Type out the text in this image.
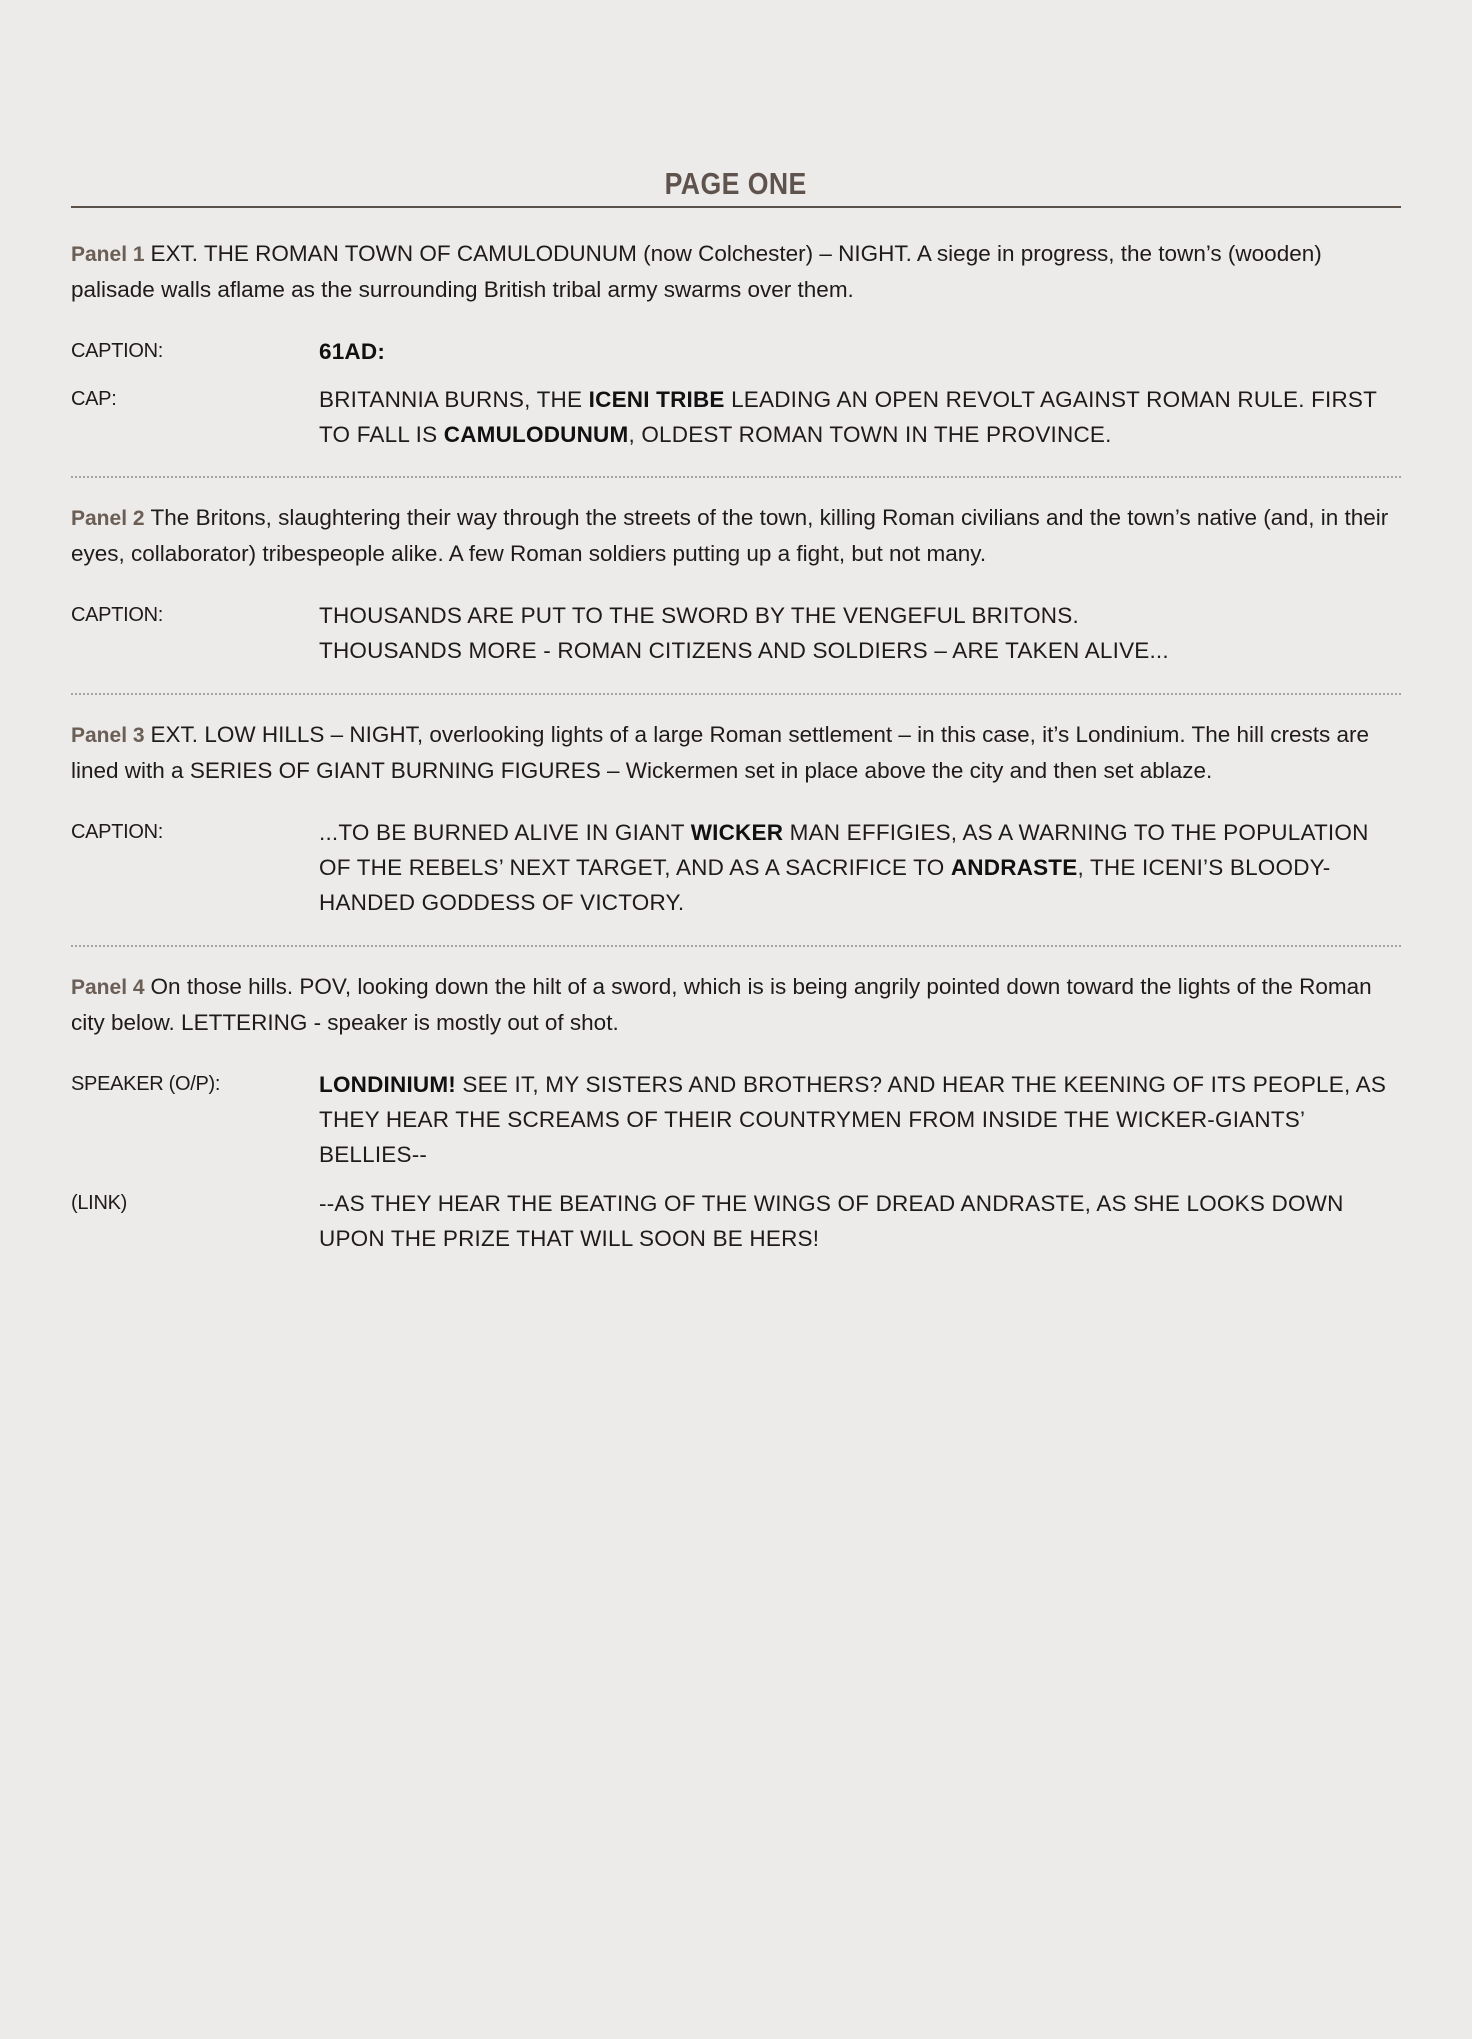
PAGE ONE

Panel 1 EXT. THE ROMAN TOWN OF CAMULODUNUM (now Colchester) – NIGHT. A siege in progress, the town’s (wooden) palisade walls aflame as the surrounding British tribal army swarms over them.

CAPTION:	61AD:
CAP:	BRITANNIA BURNS, THE ICENI TRIBE LEADING AN OPEN REVOLT AGAINST ROMAN RULE. FIRST TO FALL IS CAMULODUNUM, OLDEST ROMAN TOWN IN THE PROVINCE.

Panel 2 The Britons, slaughtering their way through the streets of the town, killing Roman civilians and the town’s native (and, in their eyes, collaborator) tribespeople alike. A few Roman soldiers putting up a fight, but not many.

CAPTION:	THOUSANDS ARE PUT TO THE SWORD BY THE VENGEFUL BRITONS.
THOUSANDS MORE - ROMAN CITIZENS AND SOLDIERS – ARE TAKEN ALIVE...

Panel 3 EXT. LOW HILLS – NIGHT, overlooking lights of a large Roman settlement – in this case, it’s Londinium. The hill crests are lined with a SERIES OF GIANT BURNING FIGURES – Wickermen set in place above the city and then set ablaze.

CAPTION:	...TO BE BURNED ALIVE IN GIANT WICKER MAN EFFIGIES, AS A WARNING TO THE POPULATION OF THE REBELS’ NEXT TARGET, AND AS A SACRIFICE TO ANDRASTE, THE ICENI’S BLOODY-HANDED GODDESS OF VICTORY.

Panel 4 On those hills. POV, looking down the hilt of a sword, which is is being angrily pointed down toward the lights of the Roman city below. LETTERING - speaker is mostly out of shot.

SPEAKER (O/P):	LONDINIUM! SEE IT, MY SISTERS AND BROTHERS? AND HEAR THE KEENING OF ITS PEOPLE, AS THEY HEAR THE SCREAMS OF THEIR COUNTRYMEN FROM INSIDE THE WICKER-GIANTS’ BELLIES--
(LINK)	--AS THEY HEAR THE BEATING OF THE WINGS OF DREAD ANDRASTE, AS SHE LOOKS DOWN UPON THE PRIZE THAT WILL SOON BE HERS!
